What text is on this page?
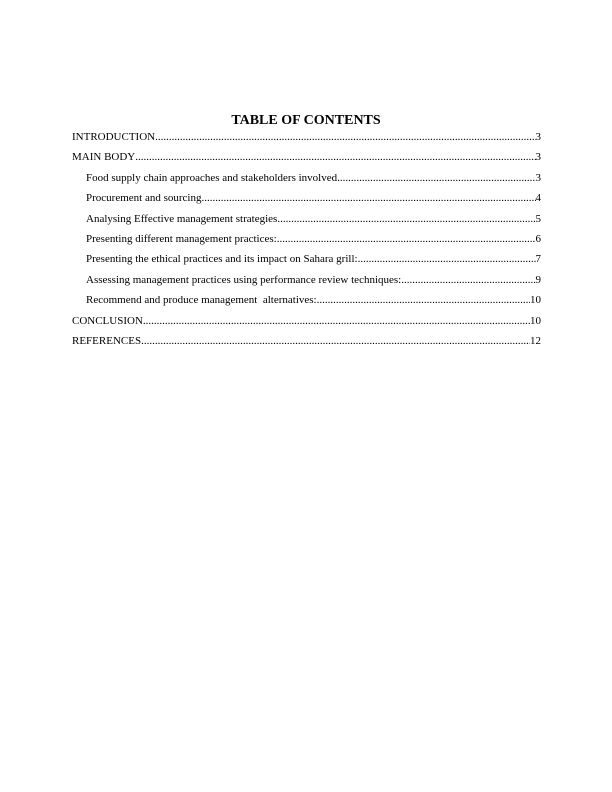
TABLE OF CONTENTS
INTRODUCTION .....	3
MAIN BODY .....	3
Food supply chain approaches and stakeholders involved .....	3
Procurement and sourcing .....	4
Analysing Effective management strategies .....	5
Presenting different management practices: .....	6
Presenting the ethical practices and its impact on Sahara grill: .....	7
Assessing management practices using performance review techniques: .....	9
Recommend and produce management  alternatives: .....	10
CONCLUSION .....	10
REFERENCES .....	12
